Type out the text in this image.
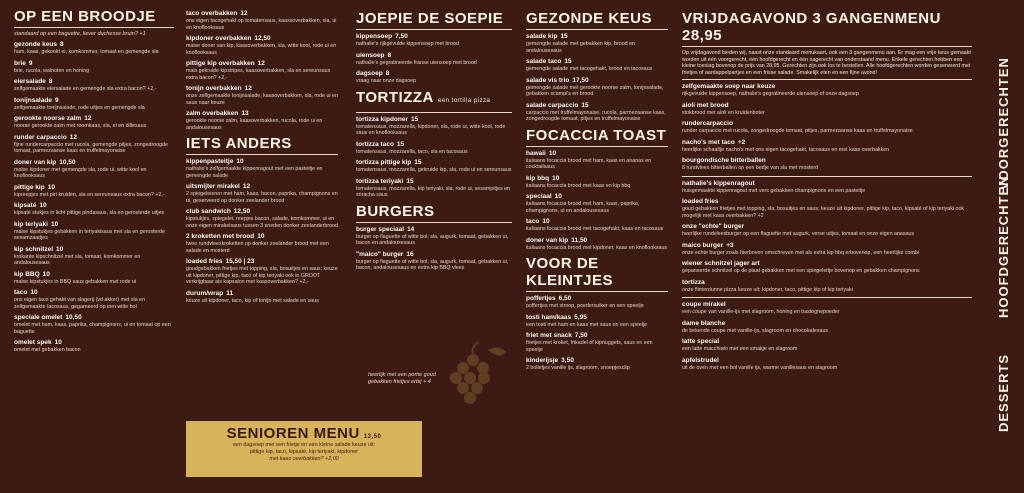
OP EEN BROODJE

standaard op een baguette, liever duchesse bruin? +1

gezonde keus 8
ham, kaas, gekookt ei, komkommer, tomaat en gemengde sla
brie 9
brie, rucola, walnoten en honing
eiersalade 8
zelfgemaakte eiersalade en gemengde sla extra bacon? +2,-
tonijnsalade 9
zelfgemaakte tonijnsalade, rode uitjes en gemengde sla
gerookte noorse zalm 12
noorse gerookte zalm met roomkaas, sla, ei en dillesaus
runder carpaccio 12
fijne rundercarpaccio met rucola, gemengde pitjes, zongedroogde tomaat, parmezaanse kaas en truffelmayonaise
doner van kip 10,50
malse kipdoner met gemengde sla, rode ui, witte kool en knoflooksaus
pittige kip 10
kipreepjes met piri kruiden, sla en sereunsaus extra bacon? +2,-
kipsaté 10
kipsaté stukjes in licht pittige pindasaus, sla en gerosterde uitjes
kip teriyaki 10
malse kipstukjes gebakken in teriyakisaus met sla en gerosterde sesamzaadjes
kip schnitzel 10
krokante kipschnitzel met sla, tomaat, komkommer en andalousesaus
kip BBQ 10
malse kipstukjes in BBQ saus gebakken met rode ui
taco 10
ons eigen taco gehakt van slagerij (vd akker) met sla en zelfgemaakte tacosaus, gegarneerd op een witte bol
speciale omelet 10,50
omelet met ham, kaas, paprika, champignons, ui en tomaat op een baguette
omelet spek 10
omelet met gebakken bacon
taco overbakken 12
ons eigen tacogehakt op tomatensaus, kaassoverbakken, sla, ui en knoflooksaus
kipdoner overbakken 12,50
malse doner van kip, kaasoverbakken, sla, witte kool, rode ui en knoflooksaus
pittige kip overbakken 12
mals gekruide kipstripes, kaasoverbakken, sla en sereunsaus extra bacon? +2,-
tonijn overbakken 12
onze zelfgemaakte tonijnsalade, kaasoverbakken, sla, rode ui en saus naar keuze
zalm overbakken 13
gerookte noorse zalm, kaasoverbakken, rucola, rode ui en andalousesaus
IETS ANDERS
kippenpasteitje 10
nathalie's zelfgemaakte kippenragout met een pasteitje en gemengde salade
uitsmijter mirakel 12
2 spiegeleieren met ham, kaas, bacon, paprika, champignons en ui, geserveerd op donker zeelander brood
club sandwich 12,50
kipstukjes, spiegelei, reepjes bacon, salade, komkommer, ui en onze eigen mirakelsaus tussen 3 sneden donker zeelanderbrood
2 kroketten met brood 10
twee rundvleeskroketten op donker zeelander brood met een salade en mosterd
loaded fries 15,50 | 23
goudgebakken frietjes met topping, sla, bosuitjes en saus; keuze uit kipdoner, pittige kip, taco of kip teriyaki ook in GROOT verkrijgbaar als kapsalon met kaasoverbakken? +2,-
durum/wrap 11
keuze uit kipdoner, taco, kip of tonijn met salade en saus
JOEPIE DE SOEPIE
kippensoep 7,50
nathalie's rijkgevulde kippensoep met brood
uiensoep 8
nathalie's gegratineerde franse uiensoep met brood
dagsoep 8
vraag naar onze dagsoep
TORTIZZA een tortilla pizza
tortizza kipdoner 15
tomatensaus, mozzarella, kipdoner, sla, rode ui, witte kool, rode saus en knoflooksaus
tortizza taco 15
tomatensaus, mozzarella, taco, sla en tacosaus
tortizza pittige kip 15
tomatensaus, mozzarella, gekruide kip, sla, rode ui en sereunsaus
tortizza teriyaki 15
tomatensaus, mozzarella, kip teriyaki, sla, rode ui, sesampitjes en sriracha saus
BURGERS
burger speciaal 14
burger op flaguette of witte bol, sla, augurk, tomaat, gebakken ui, bacon en andalousesaus
"maico" burger 16
burger op flaguette of witte bol, sla, augurk, tomaat, gebakken ui, bacon, andalousesaus en extra kip BBQ vlees
heerlijk met een portie goud gebakken frietjes erbij + 4
SENIOREN MENU 13,50
een dagsoep met een frietje en een kleine salade keuze uit:
pittige kip, taco, kipsaté, kip teriyaki, kipdoner
met kaas overbakken? +2,00
GEZONDE KEUS
salade kip 15
gemengde salade met gebakken kip, brood en andalousesaus
salade taco 15
gemengde salade met tacogehakt, brood en tacosaus
salade vis trio 17,50
gemengde salade met gerookte noorse zalm, tonijnsalade, gebakken scampi's en brood
salade carpaccio 15
carpaccio met truffelmayonaise, rucola, parmezaanse kaas, zongedroogde tomaat, pitjes en truffelmayonaise
FOCACCIA TOAST
hawaii 10
italiaans focaccia brood met ham, kaas en ananas en cocktailsaus
kip bbq 10
italiaans focaccia brood met kaas en kip bbq
speciaal 10
italiaans focaccia brood met ham, kaas, paprika, champignons, ui en andalousesaus
taco 10
italiaans focaccia brood met tacogehakt, kaas en tacosaus
doner van kip 11,50
italiaans focaccia brood met kipdoner, kaas en knoflooksaus
VOOR DE KLEINTJES
poffertjes 6,50
poffertjes met stroop, poedersuiker en een speelje
tosti ham/kaas 5,95
een tosti met ham en kaas met saus en een speelje
friet met snack 7,50
frietjes met kroket, frikadel of kipnuggets, saus en een speelje
kinderijsje 3,50
2 bolletjes vanille ijs, slagroom, snoepjesclip
VRIJDAGAVOND 3 GANGENMENU 28,95

Op vrijdagavond bieden wij, naast onze standaard menukaart, ook een 3 gangenmenu aan. Er mag een vrije keus gemaakt worden uit één voorgerecht, één hoofdgerecht en één nagerecht van onderstaand menu. Enkele gerechten hebben een kleine toeslag bovenop de prijs van 28,95. Gerechten zijn ook los te bestellen. Alle hoofdgerechten worden geserveerd met frietjes of aardappelpartjes en een frisse salade. Smakelijk eten en een fijne avond!

zelfgemaakte soep naar keuze
rijkgevulde kippensoep, nathalie's gegratineerde uiensoep of onze dagsoep
aioli met brood
stokbrood met aioli en kruidenboter
rundercarpaccio
runder carpaccio met rucola, zongedroogde tomaat, pitjes, parmezaanse kaas en truffelmayonaise
nacho's met taco +2
heerlijke schaaltje nacho's met ons eigen tacogehakt, tacosaus en met kaas overbakken
bourgondische bitterballen
8 rundvlees bitterballen op een bedje van sla met mosterd
nathalie's kippenragout
huisgemaakte kippenragout met vers gebakken champignons en een pasteitje
loaded fries
goud gebakken frietjes met topping, sla, bosuitjes en saus; keuze uit kipdoner, pittige kip, taco, kipsaté of kip teriyaki ook mogelijk met kaas overbakken? +2
onze "echte" burger
heerlijke rundvleesburger op een flaguette met augurk, verse uitjes, tomaat en onze eigen anasaus
maico burger +3
onze echte burger zoals hierboven omschreven met als extra kip bbq erbovenop, een heerlijke combi
wiener schnitzel jager art
gepaneerde schnitzel op de plaat gebakken met een spiegeleitje bovenop en gebakken champignons
tortizza
onze flinterdunne pizza keuze uit; kipdoner, taco, pittige kip of kip teriyaki
coupe mirakel
een coupe van vanille-ijs met slagroom, honing en bastognepoeder
dame blanche
de bekende coupe met vanille-ijs, slagroom en chocoladesaus
latte special
een latte macchiato met een smakje en slagroom
apfelstrudel
uit de oven met een bol vanille ijs, warme vanillesaus en slagroom
VOORGERECHTEN
HOOFDGERECHTEN
DESSERTS
